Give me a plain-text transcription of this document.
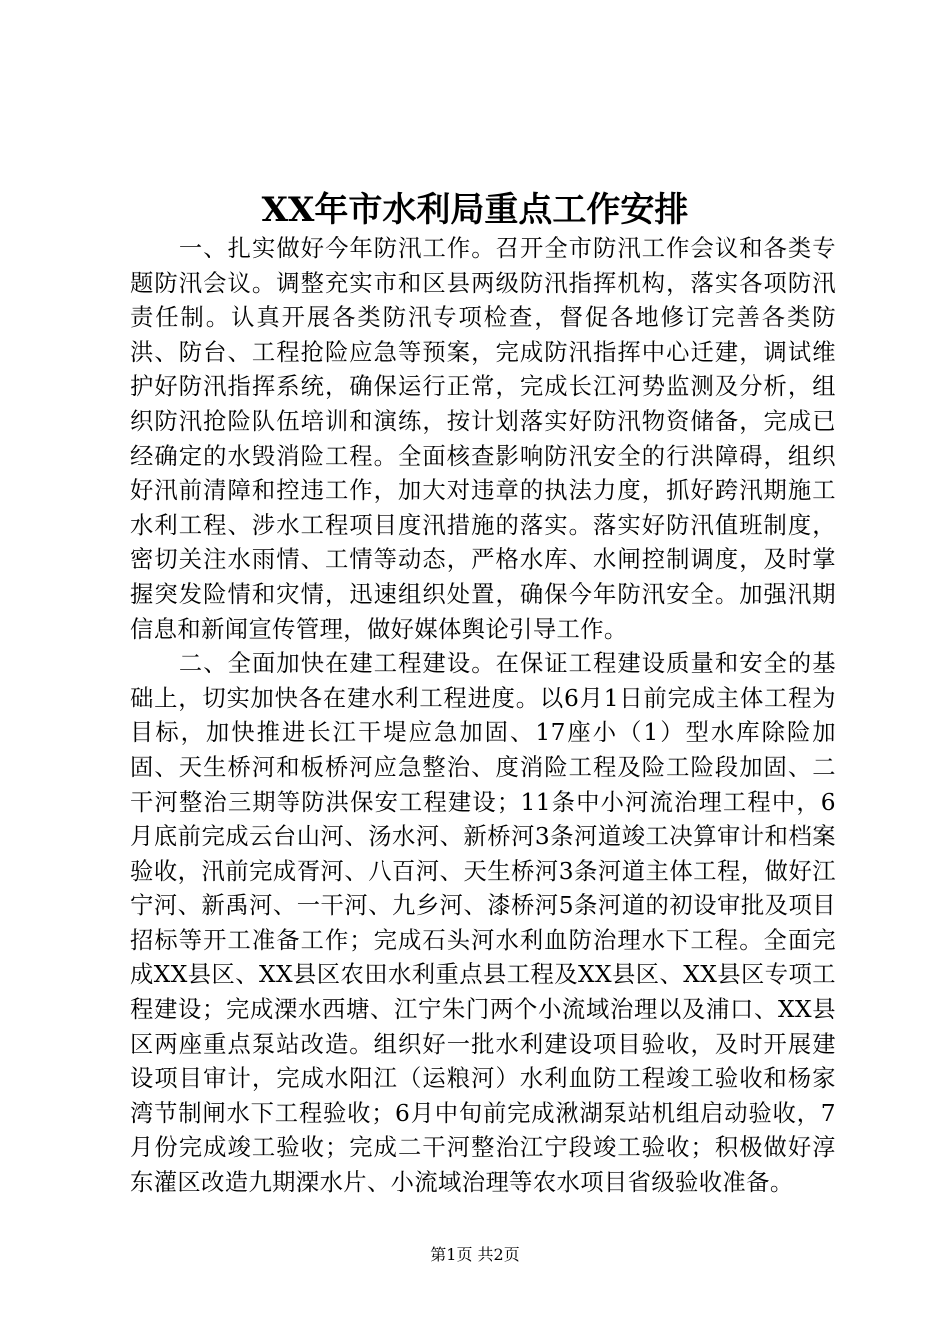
XX年市水利局重点工作安排

一、扎实做好今年防汛工作。召开全市防汛工作会议和各类专题防汛会议。调整充实市和区县两级防汛指挥机构，落实各项防汛责任制。认真开展各类防汛专项检查，督促各地修订完善各类防洪、防台、工程抢险应急等预案，完成防汛指挥中心迁建，调试维护好防汛指挥系统，确保运行正常，完成长江河势监测及分析，组织防汛抢险队伍培训和演练，按计划落实好防汛物资储备，完成已经确定的水毁消险工程。全面核查影响防汛安全的行洪障碍，组织好汛前清障和控违工作，加大对违章的执法力度，抓好跨汛期施工水利工程、涉水工程项目度汛措施的落实。落实好防汛值班制度，密切关注水雨情、工情等动态，严格水库、水闸控制调度，及时掌握突发险情和灾情，迅速组织处置，确保今年防汛安全。加强汛期信息和新闻宣传管理，做好媒体舆论引导工作。

二、全面加快在建工程建设。在保证工程建设质量和安全的基础上，切实加快各在建水利工程进度。以6月1日前完成主体工程为目标，加快推进长江干堤应急加固、17座小（1）型水库除险加固、天生桥河和板桥河应急整治、度消险工程及险工险段加固、二干河整治三期等防洪保安工程建设；11条中小河流治理工程中，6月底前完成云台山河、汤水河、新桥河3条河道竣工决算审计和档案验收，汛前完成胥河、八百河、天生桥河3条河道主体工程，做好江宁河、新禹河、一干河、九乡河、漆桥河5条河道的初设审批及项目招标等开工准备工作；完成石头河水利血防治理水下工程。全面完成XX县区、XX县区农田水利重点县工程及XX县区、XX县区专项工程建设；完成溧水西塘、江宁朱门两个小流域治理以及浦口、XX县区两座重点泵站改造。组织好一批水利建设项目验收，及时开展建设项目审计，完成水阳江（运粮河）水利血防工程竣工验收和杨家湾节制闸水下工程验收；6月中旬前完成湫湖泵站机组启动验收，7月份完成竣工验收；完成二干河整治江宁段竣工验收；积极做好淳东灌区改造九期溧水片、小流域治理等农水项目省级验收准备。

第1页 共2页
